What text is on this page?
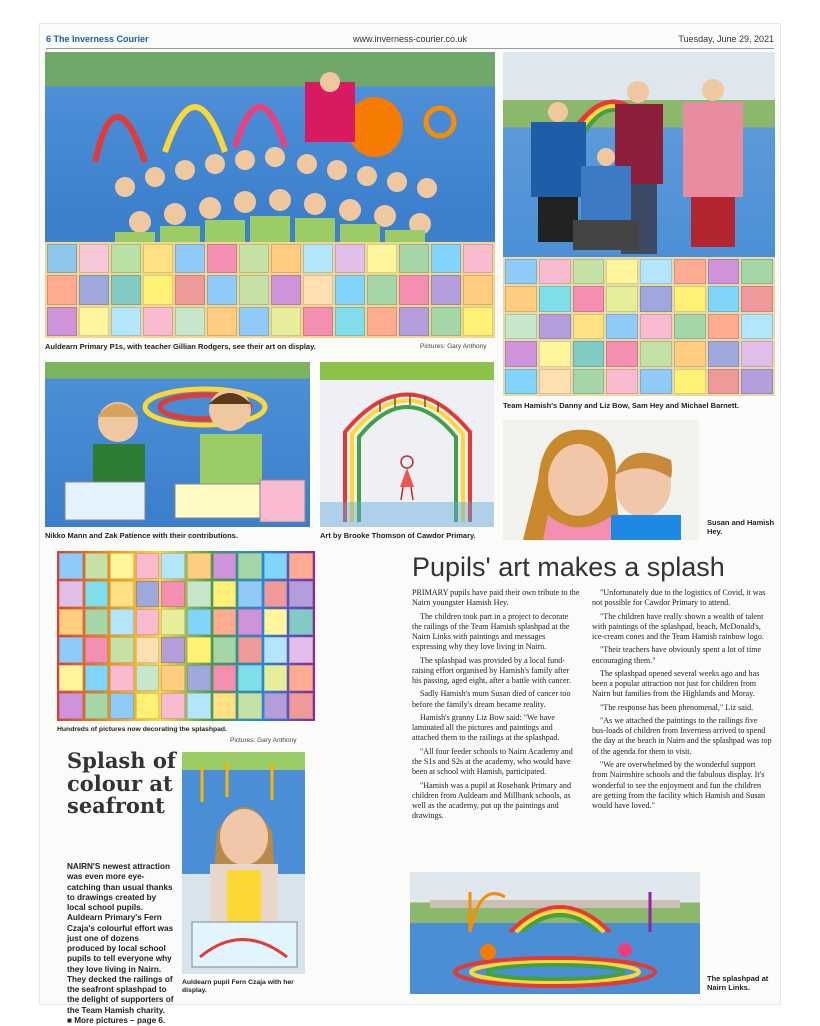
6 The Inverness Courier	www.inverness-courier.co.uk	Tuesday, June 29, 2021
Auldearn Primary P1s, with teacher Gillian Rodgers, see their art on display.	Pictures: Gary Anthony
Team Hamish's Danny and Liz Bow, Sam Hey and Michael Barnett.
Nikko Mann and Zak Patience with their contributions.	Art by Brooke Thomson of Cawdor Primary.
Susan and Hamish Hey.
Hundreds of pictures now decorating the splashpad.
Pictures: Gary Anthony
Splash of colour at seafront

NAIRN'S newest attraction was even more eye-catching than usual thanks to drawings created by local school pupils.

Auldearn Primary's Fern Czaja's colourful effort was just one of dozens produced by local school pupils to tell everyone why they love living in Nairn.

They decked the railings of the seafront splashpad to the delight of supporters of the Team Hamish charity.

■ More pictures – page 6.

Auldearn pupil Fern Czaja with her display.
Pupils' art makes a splash

PRIMARY pupils have paid their own tribute to the Nairn youngster Hamish Hey.

The children took part in a project to decorate the railings of the Team Hamish splashpad at the Nairn Links with paintings and messages expressing why they love living in Nairn.

The splashpad was provided by a local fund-raising effort organised by Hamish's family after his passing, aged eight, after a battle with cancer.

Sadly Hamish's mum Susan died of cancer too before the family's dream became reality.

Hamish's granny Liz Bow said: "We have laminated all the pictures and paintings and attached them to the railings at the splashpad.

"All four feeder schools to Nairn Academy and the S1s and S2s at the academy, who would have been at school with Hamish, participated.

"Hamish was a pupil at Rosebank Primary and children from Auldearn and Millbank schools, as well as the academy, put up the paintings and drawings.

"Unfortunately due to the logistics of Covid, it was not possible for Cawdor Primary to attend.

"The children have really shown a wealth of talent with paintings of the splashpad, beach, McDonald's, ice-cream cones and the Team Hamish rainbow logo.

"Their teachers have obviously spent a lot of time encouraging them."

The splashpad opened several weeks ago and has been a popular attraction not just for children from Nairn but families from the Highlands and Moray.

"The response has been phenomenal," Liz said.

"As we attached the paintings to the railings five bus-loads of children from Inverness arrived to spend the day at the beach in Nairn and the splashpad was top of the agenda for them to visit.

"We are overwhelmed by the wonderful support from Nairnshire schools and the fabulous display. It's wonderful to see the enjoyment and fun the children are getting from the facility which Hamish and Susan would have loved."

The splashpad at Nairn Links.
